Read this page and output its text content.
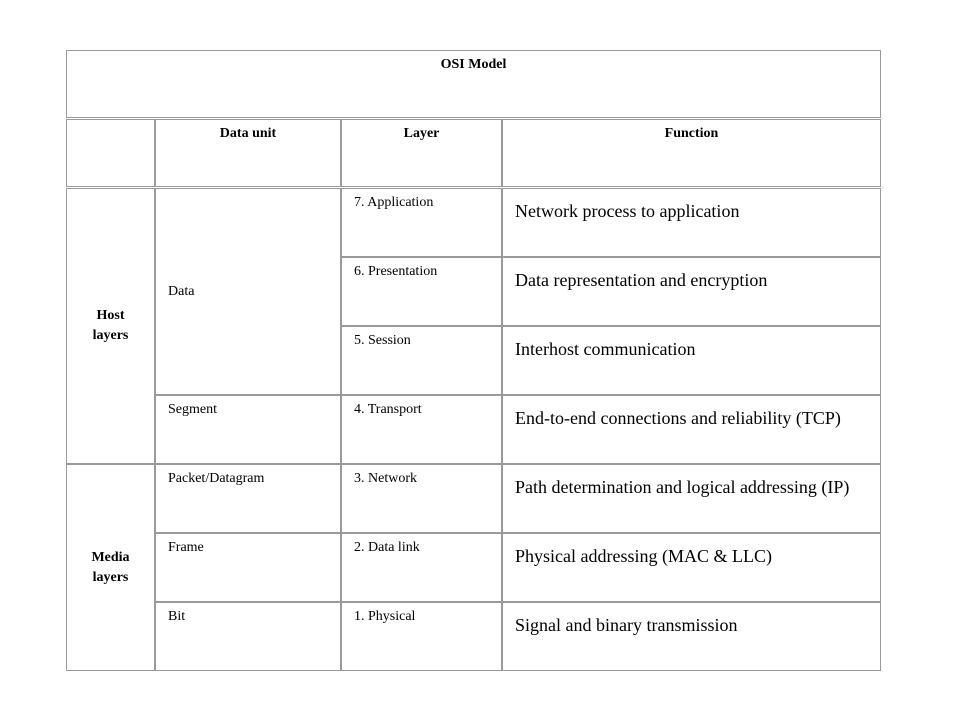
OSI Model
Data unit	Layer	Function
Host layers
Media layers
Data
Segment
Packet/Datagram
Frame
Bit
7. Application
6. Presentation
5. Session
4. Transport
3. Network
2. Data link
1. Physical
Network process to application
Data representation and encryption
Interhost communication
End-to-end connections and reliability (TCP)
Path determination and logical addressing (IP)
Physical addressing (MAC & LLC)
Signal and binary transmission
